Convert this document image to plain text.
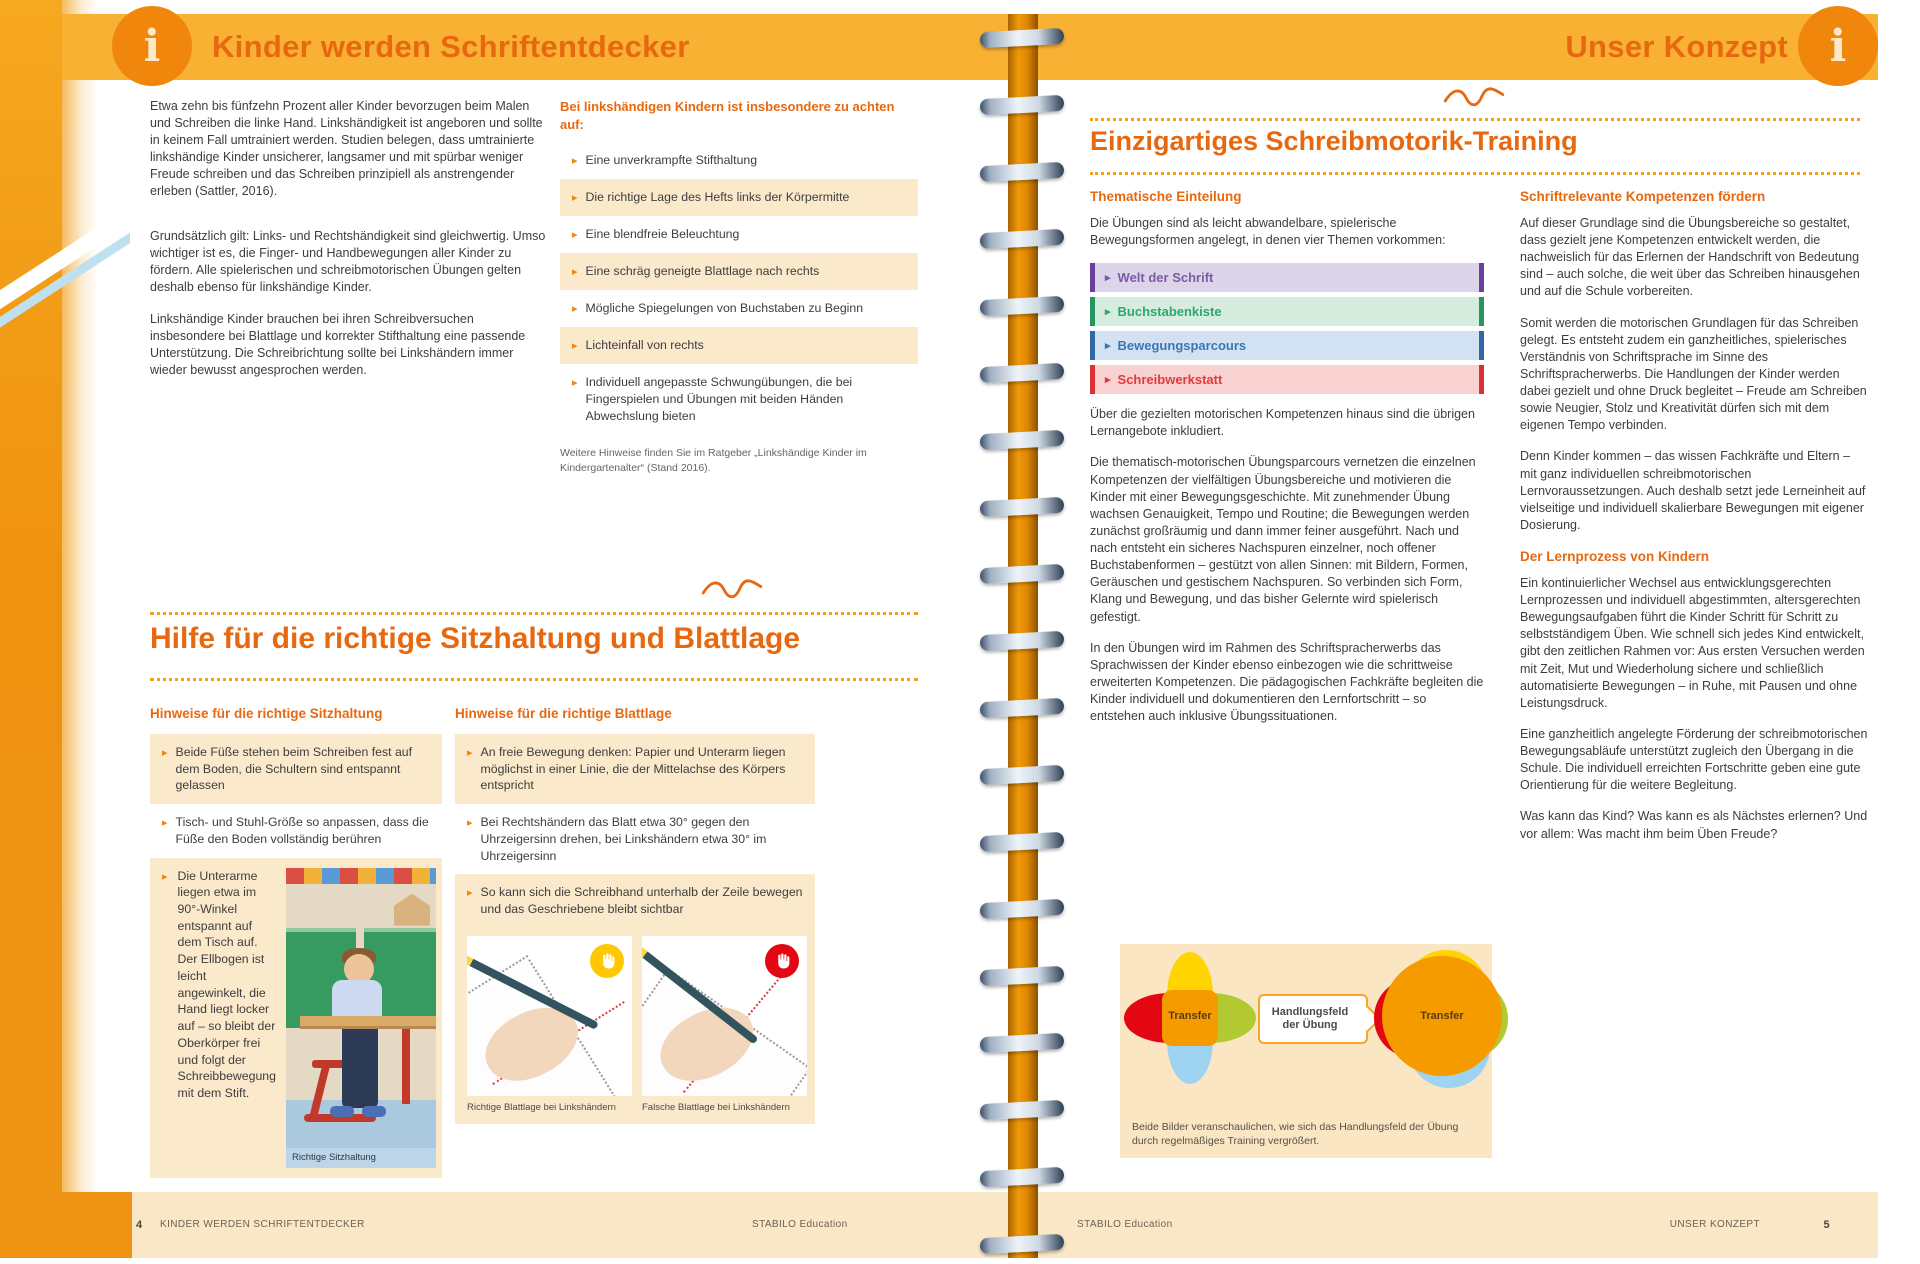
i	i
Kinder werden Schriftentdecker	Unser Konzept

Etwa zehn bis fünfzehn Prozent aller Kinder bevorzugen beim Malen und Schreiben die linke Hand. Linkshändigkeit ist angeboren und sollte in keinem Fall umtrainiert werden. Studien belegen, dass umtrainierte linkshändige Kinder unsicherer, langsamer und mit spürbar weniger Freude schreiben und das Schreiben prinzipiell als anstrengender erleben (Sattler, 2016).

Grundsätzlich gilt: Links- und Rechtshändigkeit sind gleichwertig. Umso wichtiger ist es, die Finger- und Handbewegungen aller Kinder zu fördern. Alle spielerischen und schreibmotorischen Übungen gelten deshalb ebenso für linkshändige Kinder.

Linkshändige Kinder brauchen bei ihren Schreibversuchen insbesondere bei Blattlage und korrekter Stifthaltung eine passende Unterstützung. Die Schreibrichtung sollte bei Linkshändern immer wieder bewusst angesprochen werden.

Bei linkshändigen Kindern ist insbesondere zu achten auf:
▸ Eine unverkrampfte Stifthaltung
▸ Die richtige Lage des Hefts links der Körpermitte
▸ Eine blendfreie Beleuchtung
▸ Eine schräg geneigte Blattlage nach rechts
▸ Mögliche Spiegelungen von Buchstaben zu Beginn
▸ Lichteinfall von rechts
▸ Individuell angepasste Schwungübungen, die bei Fingerspielen und Übungen mit beiden Händen Abwechslung bieten
Weitere Hinweise finden Sie im Ratgeber „Linkshändige Kinder im Kindergartenalter“ (Stand 2016).
Hilfe für die richtige Sitzhaltung und Blattlage
Hinweise für die richtige Sitzhaltung	Hinweise für die richtige Blattlage
▸ Beide Füße stehen beim Schreiben fest auf dem Boden, die Schultern sind entspannt gelassen
▸ Tisch- und Stuhl-Größe so anpassen, dass die Füße den Boden vollständig berühren
▸ Die Unterarme liegen etwa im 90°-Winkel entspannt auf dem Tisch auf. Der Ellbogen ist leicht angewinkelt, die Hand liegt locker auf – so bleibt der Oberkörper frei und folgt der Schreibbewegung mit dem Stift.
Richtige Sitzhaltung
▸ An freie Bewegung denken: Papier und Unterarm liegen möglichst in einer Linie, die der Mittelachse des Körpers entspricht
▸ Bei Rechtshändern das Blatt etwa 30° gegen den Uhrzeigersinn drehen, bei Linkshändern etwa 30° im Uhrzeigersinn
▸ So kann sich die Schreibhand unterhalb der Zeile bewegen und das Geschriebene bleibt sichtbar
Richtige Blattlage bei Linkshändern	Falsche Blattlage bei Linkshändern
Einzigartiges Schreibmotorik-Training
Thematische Einteilung

Die Übungen sind als leicht abwandelbare, spielerische Bewegungsformen angelegt, in denen vier Themen vorkommen:

▸ Welt der Schrift
▸ Buchstabenkiste
▸ Bewegungsparcours
▸ Schreibwerkstatt

Über die gezielten motorischen Kompetenzen hinaus sind die übrigen Lernangebote inkludiert.

Die thematisch-motorischen Übungsparcours vernetzen die einzelnen Kompetenzen der vielfältigen Übungsbereiche und motivieren die Kinder mit einer Bewegungsgeschichte. Mit zunehmender Übung wachsen Genauigkeit, Tempo und Routine; die Bewegungen werden zunächst großräumig und dann immer feiner ausgeführt. Nach und nach entsteht ein sicheres Nachspuren einzelner, noch offener Buchstabenformen – gestützt von allen Sinnen: mit Bildern, Formen, Geräuschen und gestischem Nachspuren. So verbinden sich Form, Klang und Bewegung, und das bisher Gelernte wird spielerisch gefestigt.

In den Übungen wird im Rahmen des Schriftspracherwerbs das Sprachwissen der Kinder ebenso einbezogen wie die schrittweise erweiterten Kompetenzen. Die pädagogischen Fachkräfte begleiten die Kinder individuell und dokumentieren den Lernfortschritt – so entstehen auch inklusive Übungssituationen.

Schriftrelevante Kompetenzen fördern

Auf dieser Grundlage sind die Übungsbereiche so gestaltet, dass gezielt jene Kompetenzen entwickelt werden, die nachweislich für das Erlernen der Handschrift von Bedeutung sind – auch solche, die weit über das Schreiben hinausgehen und auf die Schule vorbereiten.

Somit werden die motorischen Grundlagen für das Schreiben gelegt. Es entsteht zudem ein ganzheitliches, spielerisches Verständnis von Schriftsprache im Sinne des Schriftspracherwerbs. Die Handlungen der Kinder werden dabei gezielt und ohne Druck begleitet – Freude am Schreiben sowie Neugier, Stolz und Kreativität dürfen sich mit dem eigenen Tempo verbinden.

Denn Kinder kommen – das wissen Fachkräfte und Eltern – mit ganz individuellen schreibmotorischen Lernvoraussetzungen. Auch deshalb setzt jede Lerneinheit auf vielseitige und individuell skalierbare Bewegungen mit eigener Dosierung.

Der Lernprozess von Kindern

Ein kontinuierlicher Wechsel aus entwicklungsgerechten Lernprozessen und individuell abgestimmten, altersgerechten Bewegungsaufgaben führt die Kinder Schritt für Schritt zu selbstständigem Üben. Wie schnell sich jedes Kind entwickelt, gibt den zeitlichen Rahmen vor: Aus ersten Versuchen werden mit Zeit, Mut und Wiederholung sichere und schließlich automatisierte Bewegungen – in Ruhe, mit Pausen und ohne Leistungsdruck.

Eine ganzheitlich angelegte Förderung der schreibmotorischen Bewegungsabläufe unterstützt zugleich den Übergang in die Schule. Die individuell erreichten Fortschritte geben eine gute Orientierung für die weitere Begleitung.

Was kann das Kind? Was kann es als Nächstes erlernen? Und vor allem: Was macht ihm beim Üben Freude?

Transfer	Handlungsfeld der Übung
Transfer
Beide Bilder veranschaulichen, wie sich das Handlungsfeld der Übung durch regelmäßiges Training vergrößert.
4 KINDER WERDEN SCHRIFTENTDECKER	STABILO Education	STABILO Education	UNSER KONZEPT	5
